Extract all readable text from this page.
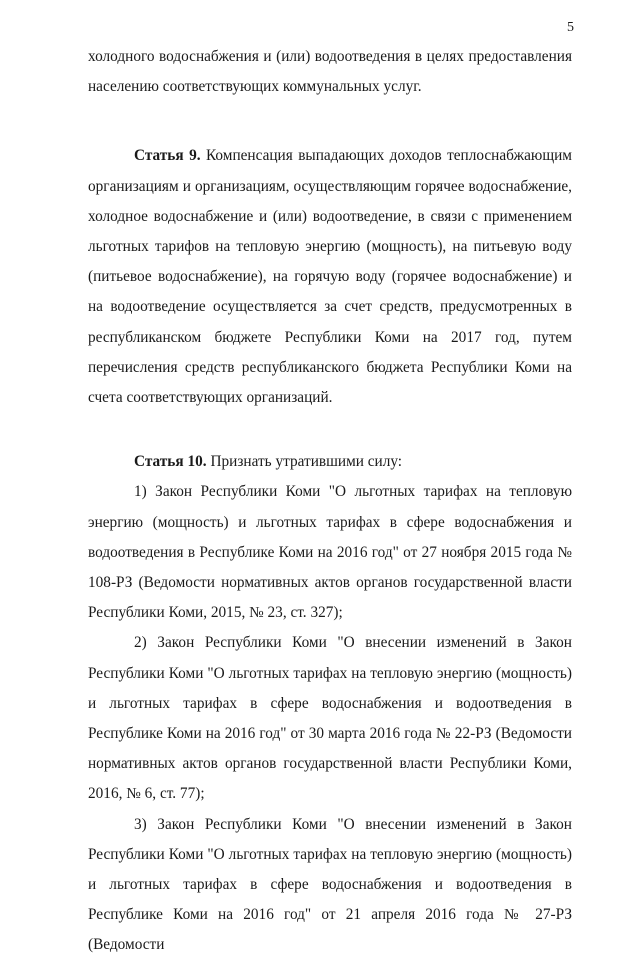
5

холодного водоснабжения и (или) водоотведения в целях предоставления населению соответствующих коммунальных услуг.

Статья 9. Компенсация выпадающих доходов теплоснабжающим организациям и организациям, осуществляющим горячее водоснабжение, холодное водоснабжение и (или) водоотведение, в связи с применением льготных тарифов на тепловую энергию (мощность), на питьевую воду (питьевое водоснабжение), на горячую воду (горячее водоснабжение) и на водоотведение осуществляется за счет средств, предусмотренных в республиканском бюджете Республики Коми на 2017 год, путем перечисления средств республиканского бюджета Республики Коми на счета соответствующих организаций.

Статья 10. Признать утратившими силу:

1) Закон Республики Коми "О льготных тарифах на тепловую энергию (мощность) и льготных тарифах в сфере водоснабжения и водоотведения в Республике Коми на 2016 год" от 27 ноября 2015 года № 108-РЗ (Ведомости нормативных актов органов государственной власти Республики Коми, 2015, № 23, ст. 327);

2) Закон Республики Коми "О внесении изменений в Закон Республики Коми "О льготных тарифах на тепловую энергию (мощность) и льготных тарифах в сфере водоснабжения и водоотведения в Республике Коми на 2016 год" от 30 марта 2016 года № 22-РЗ (Ведомости нормативных актов органов государственной власти Республики Коми, 2016, № 6, ст. 77);

3) Закон Республики Коми "О внесении изменений в Закон Республики Коми "О льготных тарифах на тепловую энергию (мощность) и льготных тарифах в сфере водоснабжения и водоотведения в Республике Коми на 2016 год" от 21 апреля 2016 года № 27-РЗ (Ведомости
